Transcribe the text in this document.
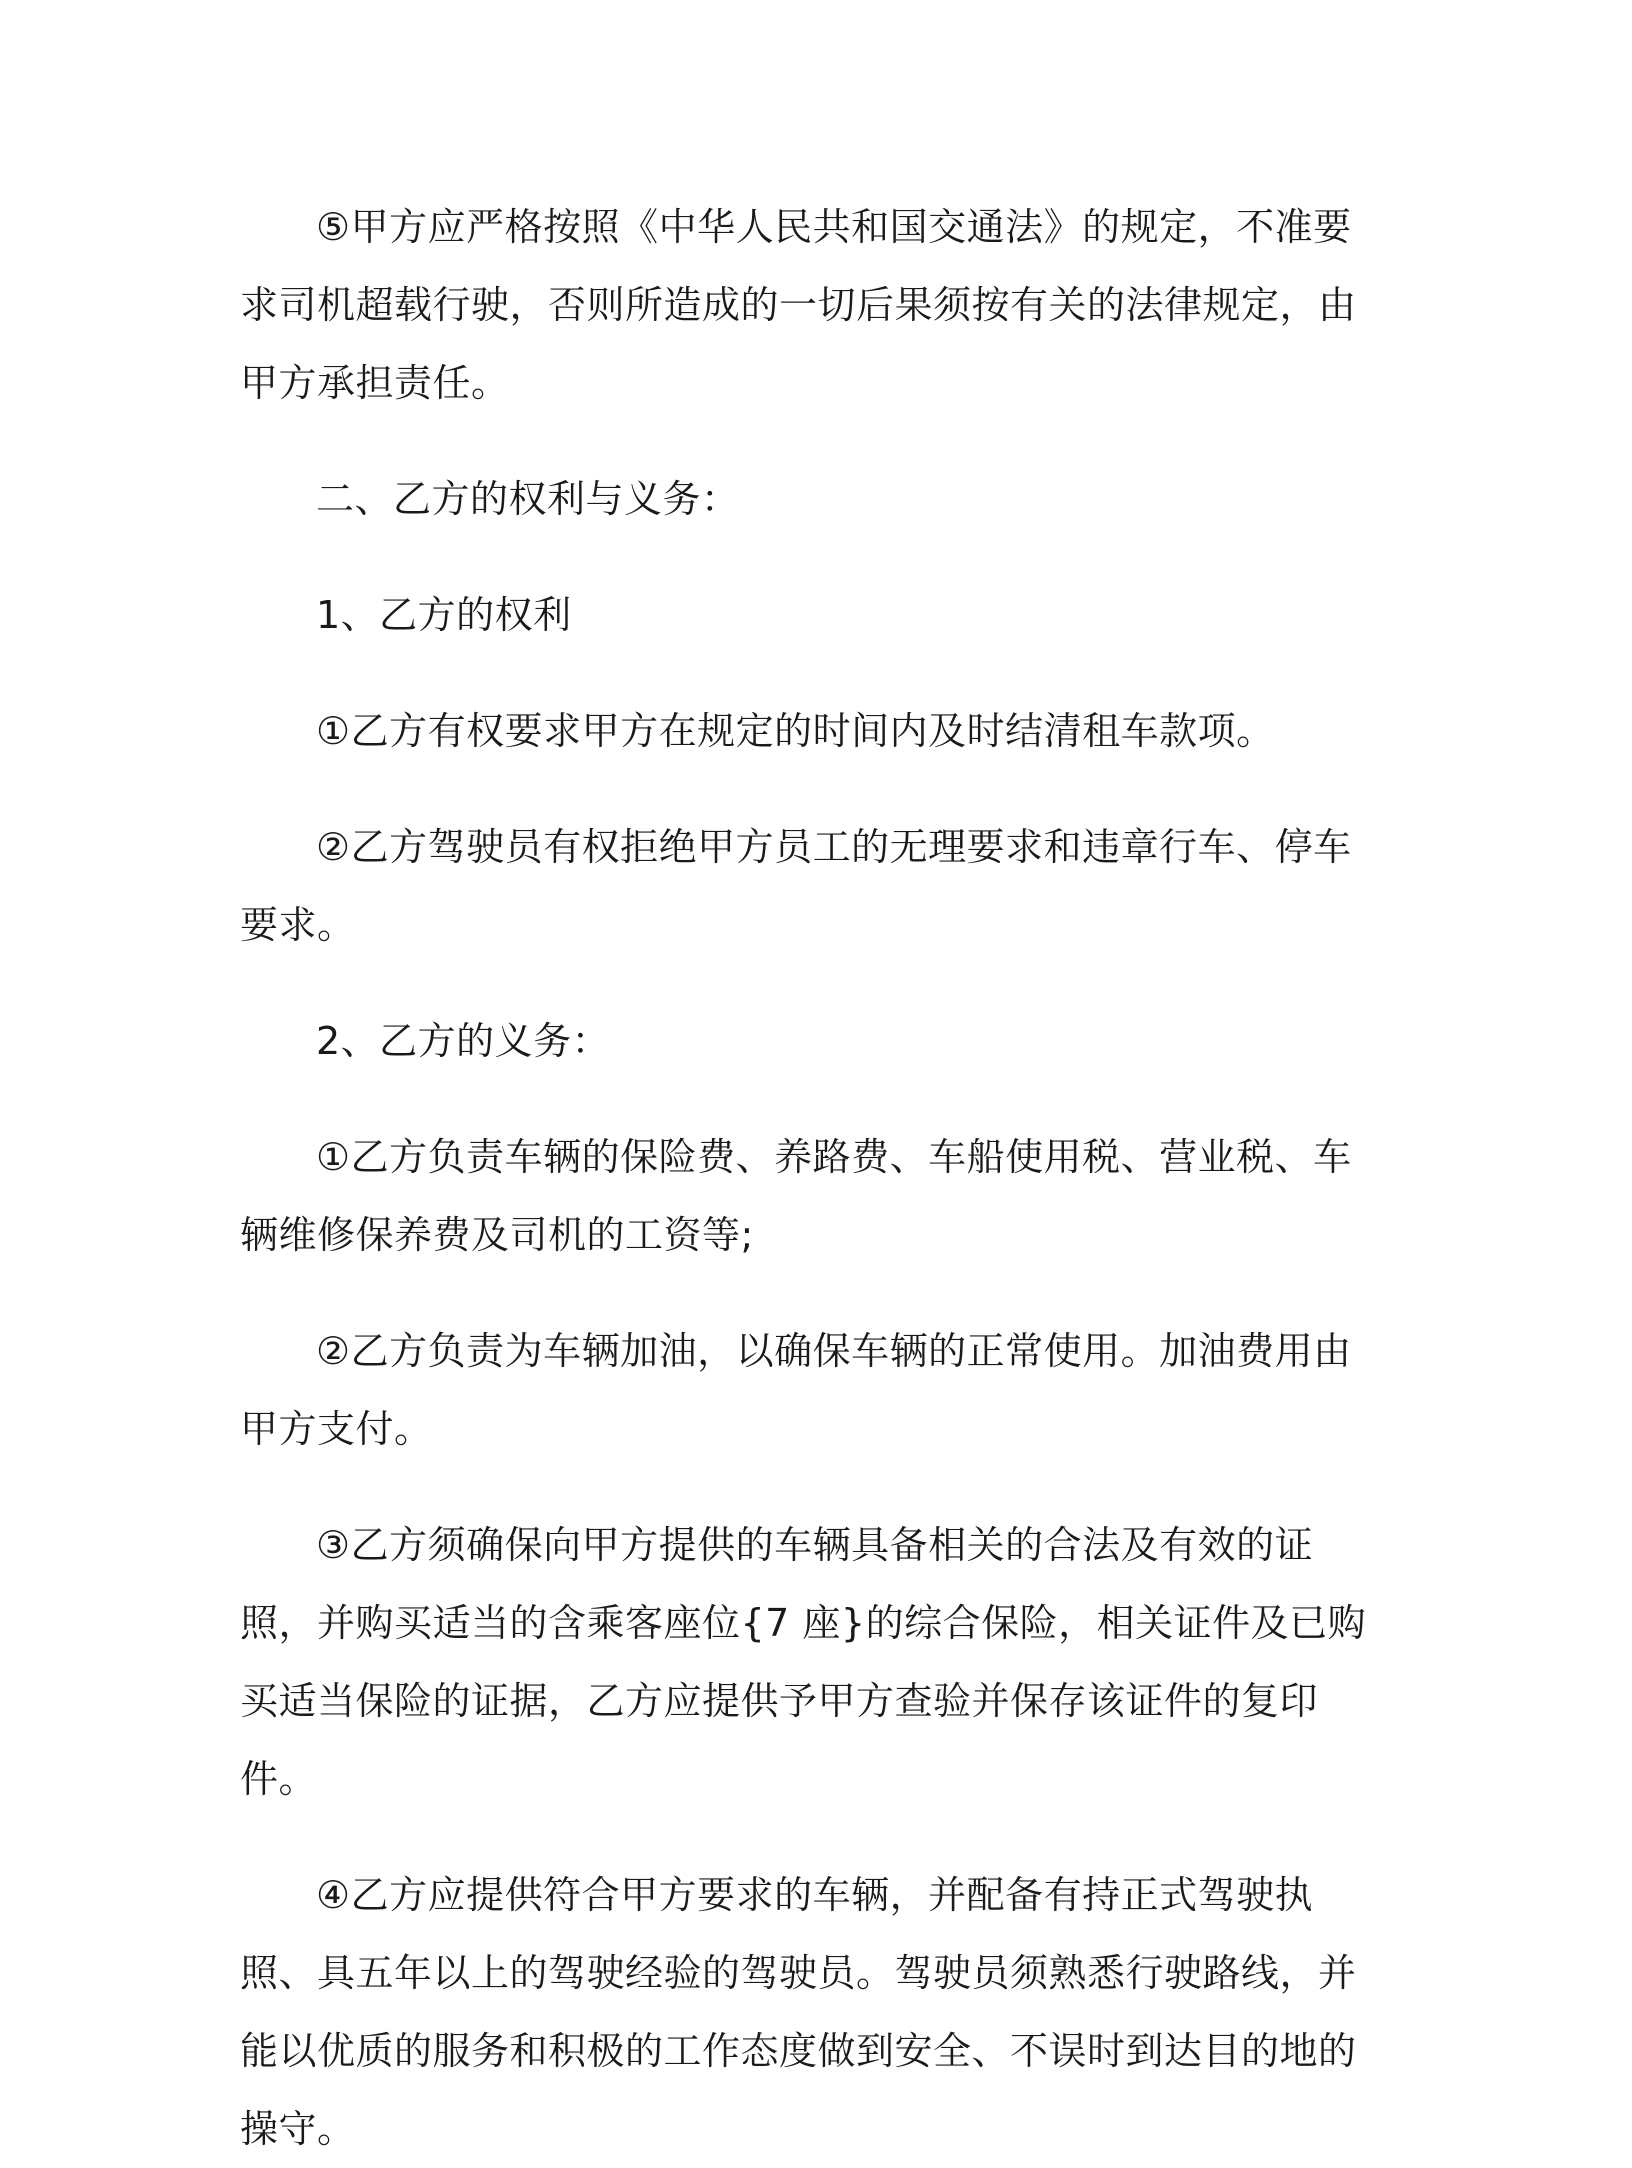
⑤甲方应严格按照《中华人民共和国交通法》的规定，不准要求司机超载行驶，否则所造成的一切后果须按有关的法律规定，由甲方承担责任。

二、乙方的权利与义务：

1、乙方的权利

①乙方有权要求甲方在规定的时间内及时结清租车款项。

②乙方驾驶员有权拒绝甲方员工的无理要求和违章行车、停车要求。

2、乙方的义务：

①乙方负责车辆的保险费、养路费、车船使用税、营业税、车辆维修保养费及司机的工资等;

②乙方负责为车辆加油，以确保车辆的正常使用。加油费用由甲方支付。

③乙方须确保向甲方提供的车辆具备相关的合法及有效的证照，并购买适当的含乘客座位{7 座}的综合保险，相关证件及已购买适当保险的证据，乙方应提供予甲方查验并保存该证件的复印件。

④乙方应提供符合甲方要求的车辆，并配备有持正式驾驶执照、具五年以上的驾驶经验的驾驶员。驾驶员须熟悉行驶路线，并能以优质的服务和积极的工作态度做到安全、不误时到达目的地的操守。
